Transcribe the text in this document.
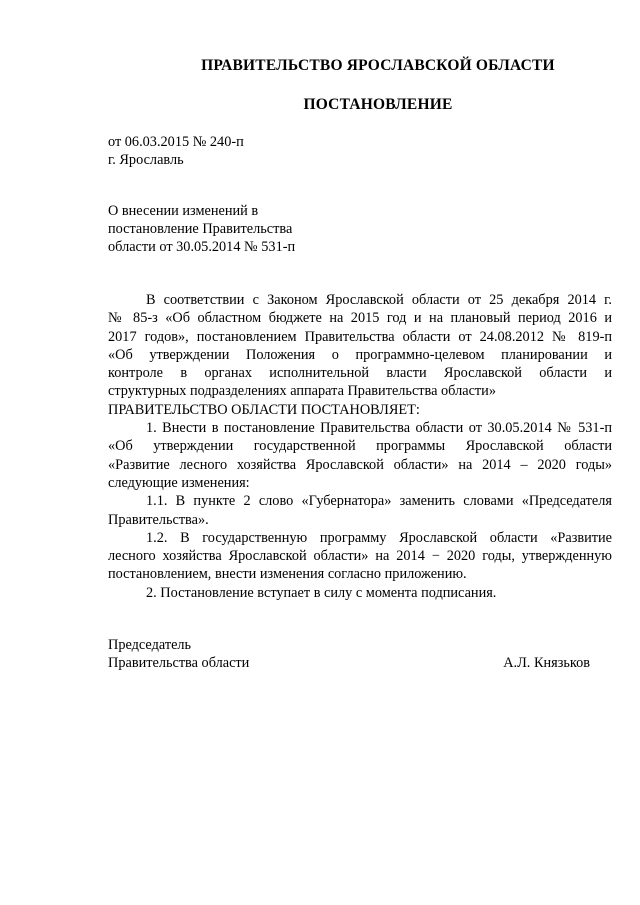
ПРАВИТЕЛЬСТВО ЯРОСЛАВСКОЙ ОБЛАСТИ
ПОСТАНОВЛЕНИЕ
от 06.03.2015 № 240-п
г. Ярославль
О внесении изменений в
постановление Правительства
области от 30.05.2014 № 531-п
В соответствии с Законом Ярославской области от 25 декабря 2014 г.
№ 85-з «Об областном бюджете на 2015 год и на плановый период 2016 и
2017 годов», постановлением Правительства области от 24.08.2012 № 819-п
«Об утверждении Положения о программно-целевом планировании и
контроле в органах исполнительной власти Ярославской области и
структурных подразделениях аппарата Правительства области»

ПРАВИТЕЛЬСТВО ОБЛАСТИ ПОСТАНОВЛЯЕТ:

1. Внести в постановление Правительства области от 30.05.2014 № 531-п
«Об утверждении государственной программы Ярославской области
«Развитие лесного хозяйства Ярославской области» на 2014 – 2020 годы»
следующие изменения:
1.1. В пункте 2 слово «Губернатора» заменить словами «Председателя
Правительства».
1.2. В государственную программу Ярославской области «Развитие
лесного хозяйства Ярославской области» на 2014 − 2020 годы, утвержденную
постановлением, внести изменения согласно приложению.
2. Постановление вступает в силу с момента подписания.
Председатель
Правительства области	А.Л. Князьков
